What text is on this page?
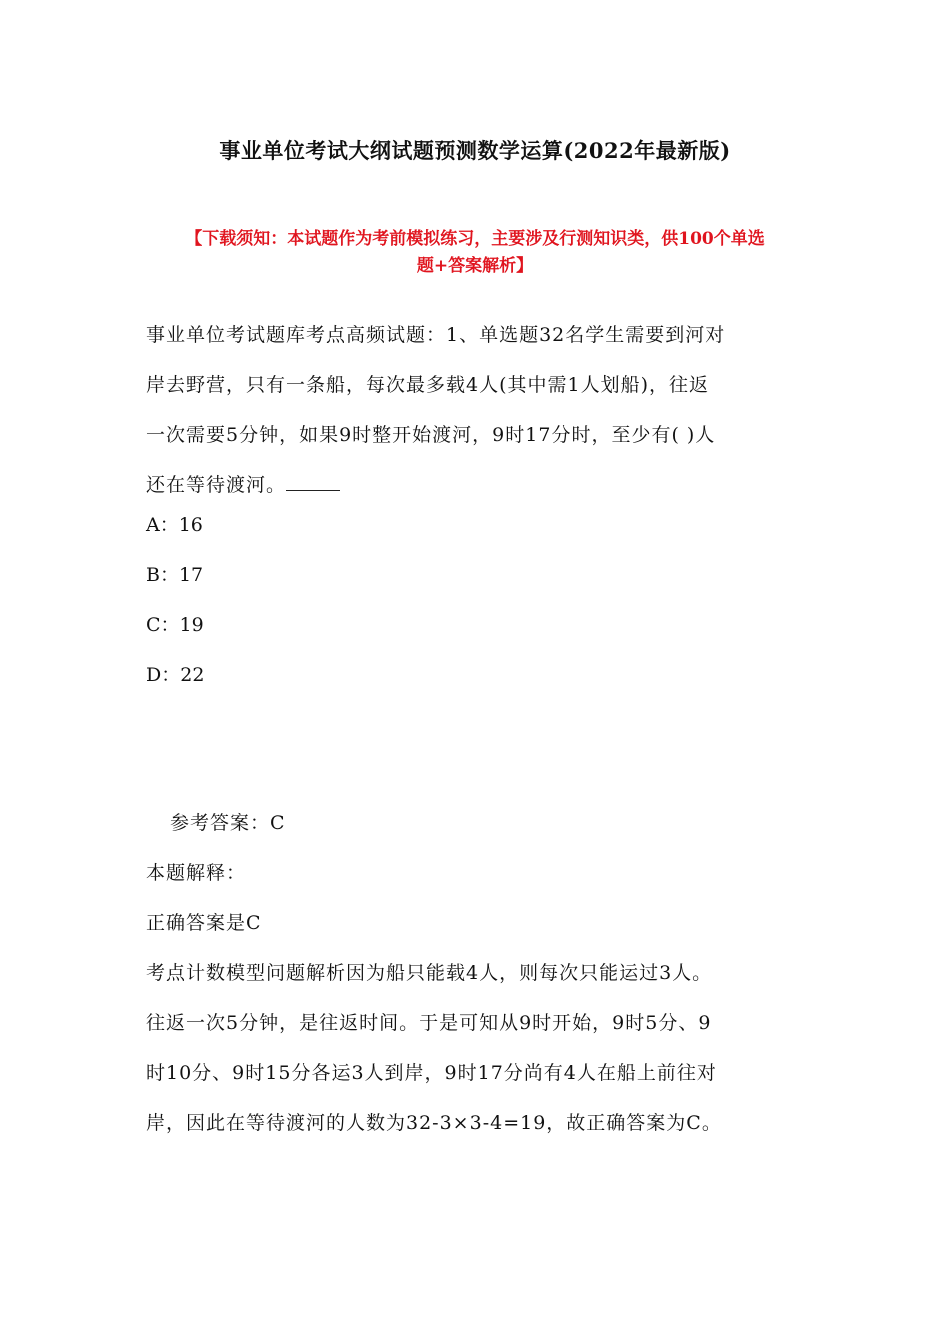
事业单位考试大纲试题预测数学运算(2022年最新版)
【下载须知：本试题作为考前模拟练习，主要涉及行测知识类，供100个单选
题+答案解析】
事业单位考试题库考点高频试题：1、单选题32名学生需要到河对
岸去野营，只有一条船，每次最多载4人(其中需1人划船)，往返
一次需要5分钟，如果9时整开始渡河，9时17分时，至少有( )人
还在等待渡河。
A：16
B：17
C：19
D：22
参考答案：C
本题解释：
正确答案是C
考点计数模型问题解析因为船只能载4人，则每次只能运过3人。
往返一次5分钟，是往返时间。于是可知从9时开始，9时5分、9
时10分、9时15分各运3人到岸，9时17分尚有4人在船上前往对
岸，因此在等待渡河的人数为32-3×3-4=19，故正确答案为C。
